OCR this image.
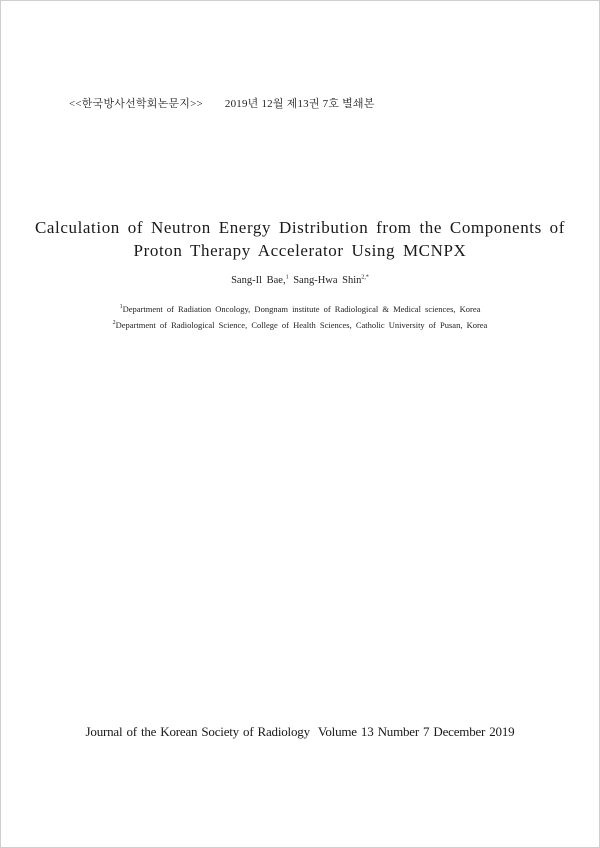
<<한국방사선학회논문지>> 2019년 12월 제13권 7호 별쇄본
Calculation of Neutron Energy Distribution from the Components of
Proton Therapy Accelerator Using MCNPX
Sang-Il Bae,$^1$ Sang-Hwa Shin$^{2,*}$
$^1$Department of Radiation Oncology, Dongnam institute of Radiological & Medical sciences, Korea
$^2$Department of Radiological Science, College of Health Sciences, Catholic University of Pusan, Korea
Journal of the Korean Society of Radiology Volume 13 Number 7 December 2019
